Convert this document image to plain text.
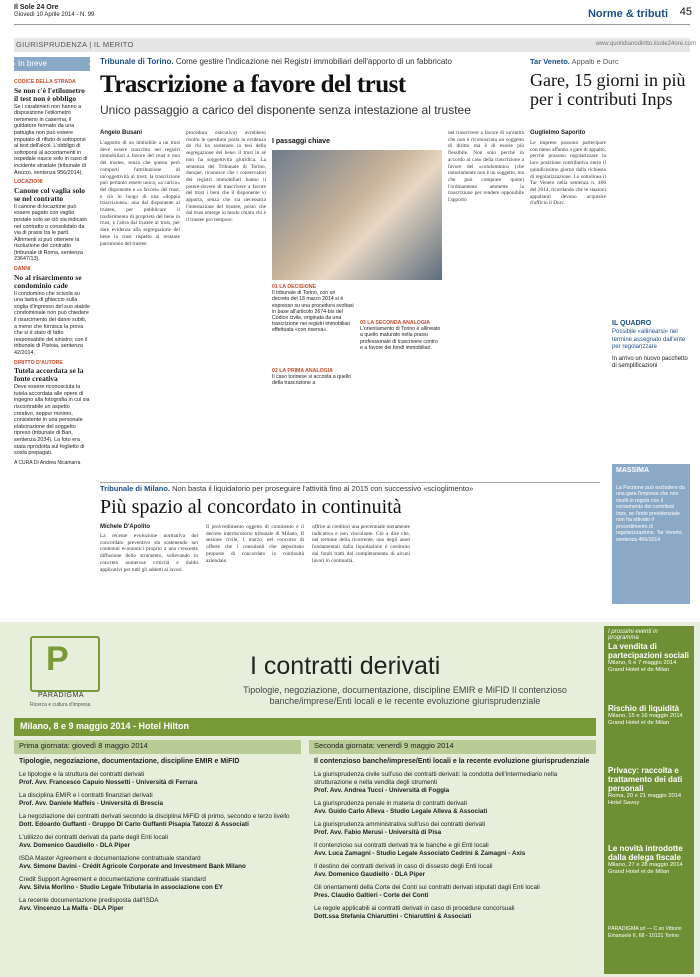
Il Sole 24 Ore
Giovedì 10 Aprile 2014 - N. 99	Norme & tributi 45
GIURISPRUDENZA | IL MERITO	www.quotidianodiritto.ilsole24ore.com
In breve
CODICE DELLA STRADA
Se non c'è l'etilometro il test non è obbligo

Se i carabinieri non hanno a disposizione l'etilometro nemmeno in caserma, il guidatore fermato da una pattuglia non può essere imputato di rifiuto di sottoporsi al test dell'alcol. L'obbligo di sottoporsi al accertamenti in ospedale nasce solo in caso di incidente stradale (tribunale di Arezzo, sentenza 956/2014).

LOCAZIONI
Canone col vaglia solo se nel contratto

Il canone di locazione può essere pagato con vaglia postale solo se ciò sia indicato nel contratto o consolidato da via di prassi tra le parti. Altrimenti si può ottenere la risoluzione del contratto (tribunale di Roma, sentenza 23647/13).

DANNI
No al risarcimento se condominio cade

Il condomino che scivola su una lastra di ghiaccio sulla soglia d'ingresso del suo stabile condominiale non può chiedere il risarcimento dei danni subiti, a meno che fornisca la prova che si è stato di fatto responsabile del sinistro; con il tribunale di Pistoia, sentenza 42/2014.

DIRITTO D'AUTORE
Tutela accordata se la fonte creativa

Deve essere riconosciuta la tutela accordata alle opere di ingegno alla fotografia in cui sia riscontrabile un aspetto creativo, seppur minimo, consistente in una personale elaborazione del soggetto ripreso (tribunale di Bari, sentenza 2034). La foto era stata riprodotta sul foglietto di sosta prepagati.

A CURA DI Andrea Nicamarra

Tribunale di Torino. Come gestire l'indicazione nei Registri immobiliari dell'apporto di un fabbricato
Trascrizione a favore del trust
Unico passaggio a carico del disponente senza intestazione al trustee
Angelo Busani
L'apporto di un immobile a un trust deve essere trascritto nei registri immobiliari a favore del trust e non del trustee, senza che questo però comporti l'attribuzione di un'oggettività al trust; la trascrizione può pertanto essere unica, «a carico» del disponente e «a favore» del trust, e ciò in luogo di una «doppia trascrizione»: una dal disponente al trustee, per pubblicare il trasferimento di proprietà del bene in trust, e l'altra dal trustee al trust, per dare evidenza alla segregazione del bene in trust rispetto al restante patrimonio del trustee.
procedura esecutiva) avrebbero risolto le questioni posta in evidenza da chi ha sostenuto la tesi della segregazione del bene, il trust in sé non ha soggettività giuridica. La sentenza del Tribunale di Torino, dunque, riconosce che i conservatori dei registri immobiliari hanno il potere-dovere di trascrivere a favore del trust i beni che il disponente vi apporta, senza che sia necessaria l'intestazione del trustee, posto che dal trust emerge in modo chiaro chi è il trustee pro tempore.
I passaggi chiave
01 LA DECISIONE

Il tribunale di Torino, con un decreto del 18 marzo 2014 si è espresso su una procedura svoltasi in base all'articolo 2674-bis del Codice civile, originata da una trascrizione nei registri immobiliari effettuata «con riserva».

02 LA PRIMA ANALOGIA

Il caso torinese si accosta a quello della trascrizione a

03 LA SECONDA ANALOGIA

L'orientamento di Torino è allineato a quello maturato nella prassi professionale di trascrivere contro e a favore dei fondi immobiliari.

nel trascrivere a favore di un'entità che non è riconosciuta un soggetto di diritto ma è di essere più flessibile. Non solo perché in accordo al caso della trascrizione a favore del «condominio» (che notoriamente non è un soggetto, ma che può comprare quote) l'ordinamento ammette la trascrizione per rendere opponibile l'apporto.
Tar Veneto. Appalti e Durc
Gare, 15 giorni in più per i contributi Inps
Guglielmo Saporito
Le imprese possono partecipare con meno affanno a gare di appalto, perché possono regolarizzare la loro posizione contributiva entro il quindicesimo giorno dalla richiesta di regolarizzazione. Lo sottolinea il Tar Veneto nella sentenza n. 466 del 2014, ricordando che le stazioni appaltanti devono acquisire d'ufficio il Durc.
IL QUADRO

Possibile «allinearsi» nel termine assegnato dall'ente per regolarizzare

In arrivo un nuovo pacchetto di semplificazioni

Tribunale di Milano. Non basta il liquidatorio per proseguire l'attività fino al 2015 con successivo «scioglimento»
Più spazio al concordato in continuità
Michele D'Apolito
La recente evoluzione normativa del concordato preventivo sta sostenendo nei contenuti economici proprio a una crescente diffusione dello strumento, sollevando in concreto numerose criticità e dubbi applicativi per tutti gli addetti ai lavori.
Il provvedimento oggetto di commento è il decreto interlocutorio tribunale di Milano, II sezione civile, 1 marzo, nel concorso di offerte che i consulenti che depositano proposte di concordato in continuità aziendale.
offrire ai creditori una percentuale meramente indicativa e non vincolante. Ciò a dire che, nel termine della ricorrente, uno degli asset fondamentali dalla liquidazione è costituito dai fondi tratti dal completamento di alcuni lavori in continuità.
MASSIMA

La Porzione può escludere da una gara l'impresa che non risulti in regola con il versamento dei contributi Inps, se l'ente previdenziale non ha attivato il procedimento di regolarizzazione. Tar Veneto, sentenza 466/2014

P
PARADIGMA
Ricerca e cultura d'impresa
I contratti derivati
Tipologie, negoziazione, documentazione, discipline EMIR e MiFID Il contenzioso banche/imprese/Enti locali e le recente evoluzione giurisprudenziale
Milano, 8 e 9 maggio 2014 - Hotel Hilton
Prima giornata: giovedì 8 maggio 2014
Tipologie, negoziazione, documentazione, discipline EMIR e MiFID
Le tipologie e la struttura dei contratti derivati
Prof. Avv. Francesco Capuio Nossetti - Università di Ferrara
La disciplina EMIR e i contratti finanziari derivati
Prof. Avv. Daniele Maffeis - Università di Brescia
La negoziazione dei contratti derivati secondo la disciplina MiFID di primo, secondo e terzo livello
Dott. Edoardo Guffanti - Gruppo Di Carlo Guffanti Pisapia Tatozzi & Associati
L'utilizzo dei contratti derivati da parte degli Enti locali
Avv. Domenico Gaudiello - DLA Piper
ISDA Master Agreement e documentazione contrattuale standard
Avv. Simone Davini - Crédit Agricole Corporate and Investment Bank Milano
Credit Support Agreement e documentazione contrattuale standard
Avv. Silvia Morlino - Studio Legale Tributaria in associazione con EY
La recente documentazione predisposta dall'ISDA
Avv. Vincenzo La Malfa - DLA Piper
Seconda giornata: venerdì 9 maggio 2014
Il contenzioso banche/imprese/Enti locali e la recente evoluzione giurisprudenziale
La giurisprudenza civile sull'uso dei contratti derivati: la condotta dell'intermediario nella strutturazione e nella vendita degli strumenti
Prof. Avv. Andrea Tucci - Università di Foggia
La giurisprudenza penale in materia di contratti derivati
Avv. Guido Carlo Alleva - Studio Legale Alleva & Associati
La giurisprudenza amministrativa sull'uso dei contratti derivati
Prof. Avv. Fabio Merusi - Università di Pisa
Il contenzioso sui contratti derivati tra le banche e gli Enti locali
Avv. Luca Zamagni - Studio Legale Associato Cedrini & Zamagni - Axis
Il destino dei contratti derivati in caso di dissesto degli Enti locali
Avv. Domenico Gaudiello - DLA Piper
Gli orientamenti della Corte dei Conti sui contratti derivati stipulati dagli Enti locali
Pres. Claudio Galtieri - Corte dei Conti
Le regole applicabili ai contratti derivati in caso di procedure concorsuali
Dott.ssa Stefania Chiaruttini - Chiaruttini & Associati
I prossimi eventi in programma
La vendita di partecipazioni sociali
Milano, 6 e 7 maggio 2014 Grand Hotel et de Milan
Rischio di liquidità
Milano, 15 e 16 maggio 2014 Grand Hotel et de Milan
Privacy: raccolta e trattamento dei dati personali
Roma, 20 e 21 maggio 2014 Hotel Savoy
Le novità introdotte dalla delega fiscale
Milano, 27 e 28 maggio 2014 Grand Hotel et de Milan
PARADIGMA srl — C.so Vittorio Emanuele II, 68 - 10121 Torino
